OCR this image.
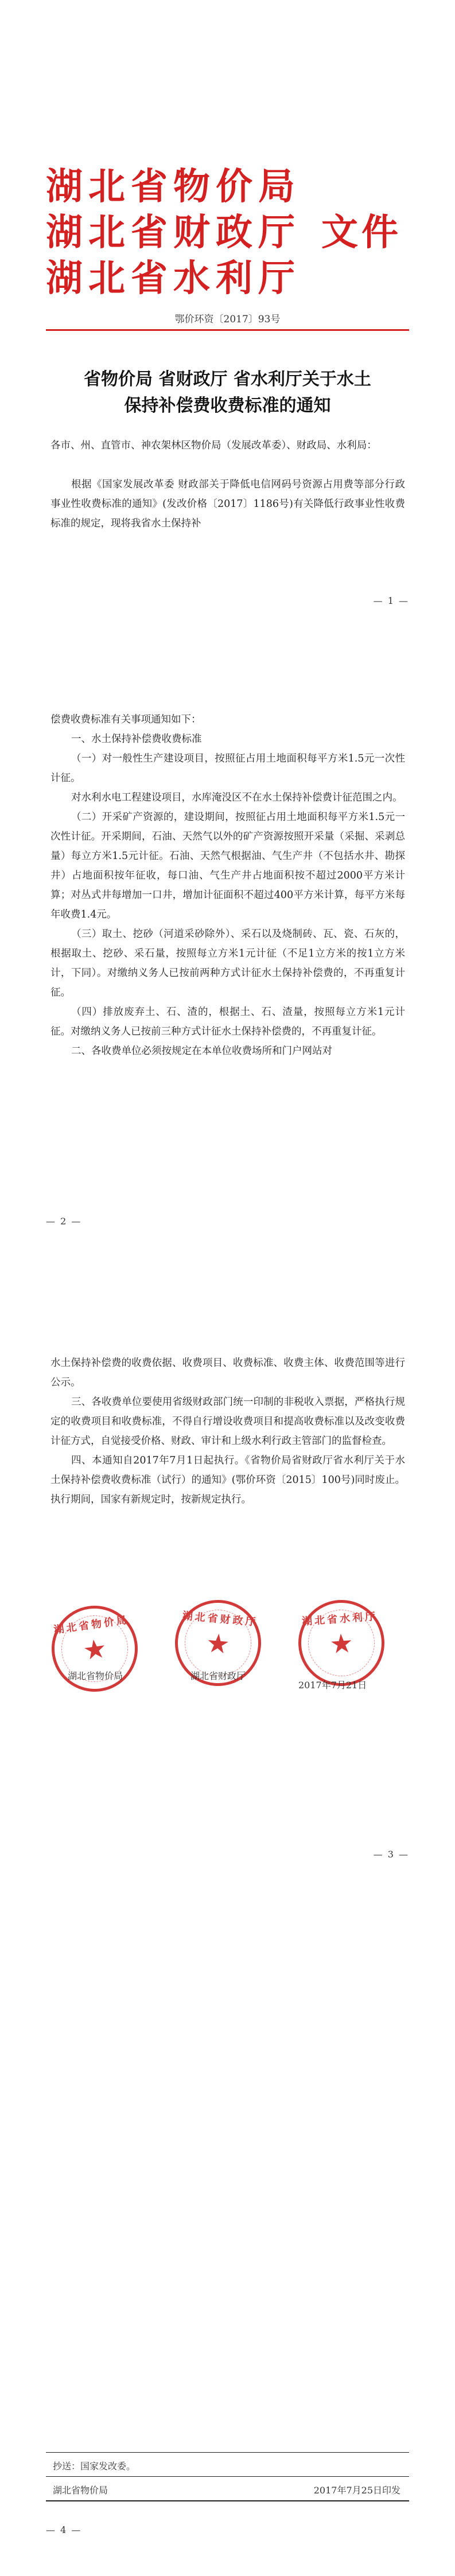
湖北省物价局
湖北省财政厅
湖北省水利厅
文件
鄂价环资〔2017〕93号
省物价局 省财政厅 省水利厅关于水土
保持补偿费收费标准的通知
各市、州、直管市、神农架林区物价局（发展改革委）、财政局、水利局：
根据《国家发展改革委 财政部关于降低电信网码号资源占用费等部分行政事业性收费标准的通知》(发改价格〔2017〕1186号)有关降低行政事业性收费标准的规定，现将我省水土保持补
— 1 —

偿费收费标准有关事项通知如下：

一、水土保持补偿费收费标准

（一）对一般性生产建设项目，按照征占用土地面积每平方米1.5元一次性计征。

对水利水电工程建设项目，水库淹没区不在水土保持补偿费计征范围之内。

（二）开采矿产资源的，建设期间，按照征占用土地面积每平方米1.5元一次性计征。开采期间，石油、天然气以外的矿产资源按照开采量（采掘、采剥总量）每立方米1.5元计征。石油、天然气根据油、气生产井（不包括水井、勘探井）占地面积按年征收，每口油、气生产井占地面积按不超过2000平方米计算；对丛式井每增加一口井，增加计征面积不超过400平方米计算，每平方米每年收费1.4元。

（三）取土、挖砂（河道采砂除外）、采石以及烧制砖、瓦、瓷、石灰的，根据取土、挖砂、采石量，按照每立方米1元计征（不足1立方米的按1立方米计，下同）。对缴纳义务人已按前两种方式计征水土保持补偿费的，不再重复计征。

（四）排放废弃土、石、渣的，根据土、石、渣量，按照每立方米1元计征。对缴纳义务人已按前三种方式计征水土保持补偿费的，不再重复计征。

二、各收费单位必须按规定在本单位收费场所和门户网站对

— 2 —

水土保持补偿费的收费依据、收费项目、收费标准、收费主体、收费范围等进行公示。

三、各收费单位要使用省级财政部门统一印制的非税收入票据，严格执行规定的收费项目和收费标准，不得自行增设收费项目和提高收费标准以及改变收费计征方式，自觉接受价格、财政、审计和上级水利行政主管部门的监督检查。

四、本通知自2017年7月1日起执行。《省物价局省财政厅省水利厅关于水土保持补偿费收费标准（试行）的通知》(鄂价环资〔2015〕100号)同时废止。执行期间，国家有新规定时，按新规定执行。

湖北省物价局
★
湖北省财政厅
★
湖北省水利厅
★
湖北省物价局	湖北省财政厅
2017年7月21日
— 3 —
抄送：国家发改委。
湖北省物价局	2017年7月25日印发
— 4 —
